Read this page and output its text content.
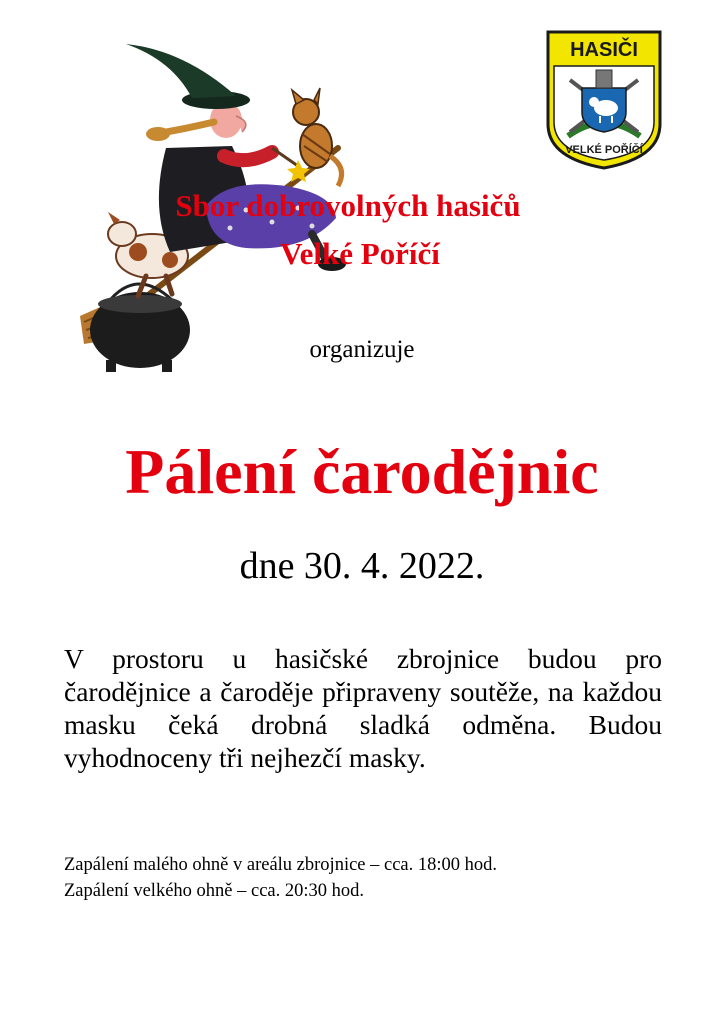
HASIČI
VELKÉ POŘÍČÍ
Sbor dobrovolných hasičů
Velké Poříčí
organizuje
Pálení čarodějnic
dne 30. 4. 2022.
V prostoru u hasičské zbrojnice budou pro čarodějnice a čaroděje připraveny soutěže, na každou masku čeká drobná sladká odměna. Budou vyhodnoceny tři nejhezčí masky.
Zapálení malého ohně v areálu zbrojnice – cca. 18:00 hod.
Zapálení velkého ohně – cca. 20:30 hod.
